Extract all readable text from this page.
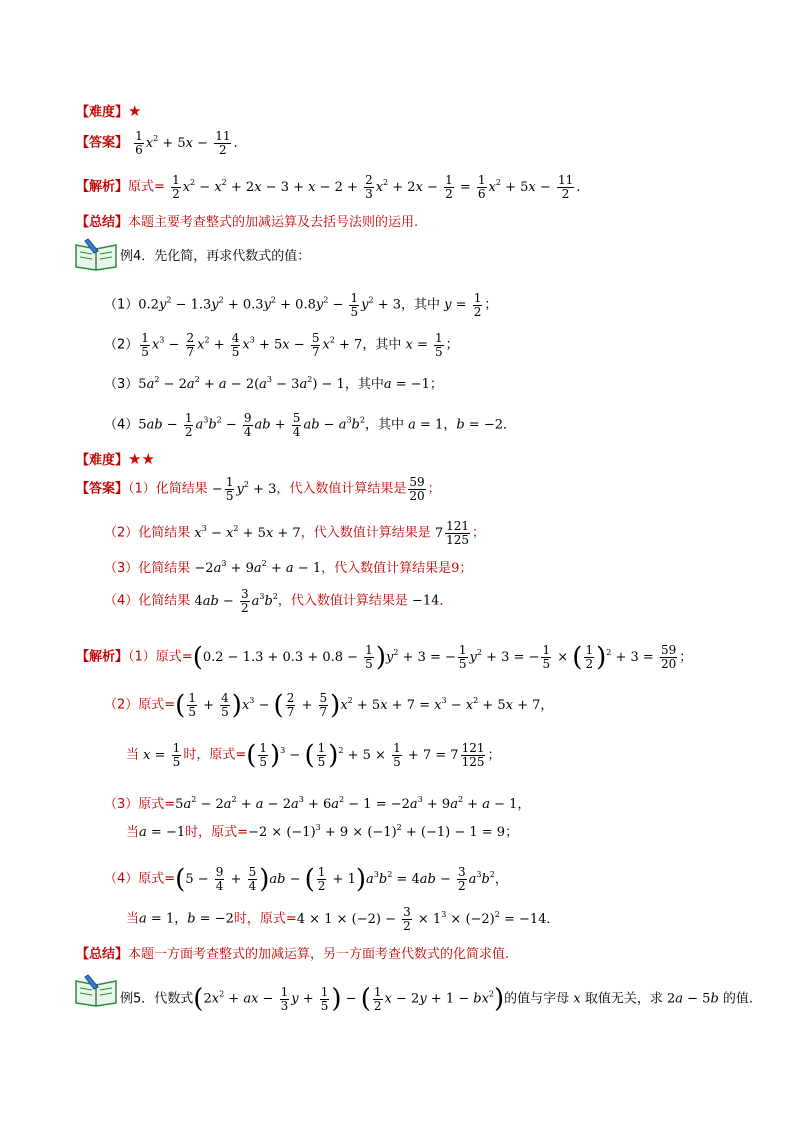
【难度】★
【答案】 $\frac{1}{6} x^2 + 5x - \frac{11}{2}$ .
【解析】原式= $\frac{1}{2} x^2 - x^2 + 2x - 3 + x - 2 + \frac{2}{3} x^2 + 2x - \frac{1}{2} = \frac{1}{6} x^2 + 5x - \frac{11}{2}$ .
【总结】本题主要考查整式的加减运算及去括号法则的运用.
例4．先化简，再求代数式的值：
$(1)0.2y^2 - 1.3y^2 + 0.3y^2 + 0.8y^2 - \frac{1}{5} y^2 + 3$，其中 $y = \frac{1}{2}$ ；
$(2) \frac{1}{5} x^3 - \frac{2}{7} x^2 + \frac{4}{5} x^3 + 5x - \frac{5}{7} x^2 + 7$，其中 $x = \frac{1}{5}$ ；
$(3)5a^2 - 2a^2 + a - 2(a^3 - 3a^2) - 1$，其中a = −1；
$(4)5ab - \frac{1}{2} a^3b^2 - \frac{9}{4}$ ab + $\frac{5}{4}$ ab − $a^3b^2$，其中 a = 1，b = −2．
【难度】★★
【答案】（1）化简结果 − $\frac{1}{5} y^2 + 3$，代入数值计算结果是 $\frac{59}{20}$ ；
（2）化简结果 $x^3 - x^2 + 5x + 7$，代入数值计算结果是 $7 \frac{121}{125}$ ；
（3）化简结果 $-2a^3 + 9a^2 + a - 1$，代入数值计算结果是9；
（4）化简结果 $4ab - \frac{3}{2} a^3b^2$，代入数值计算结果是 −14．
【解析】（1）原式$=(0.2 - 1.3 + 0.3 + 0.8 - \frac{1}{5} )y^2 + 3$ = − $\frac{1}{5} y^2 + 3$ = − $\frac{1}{5}$ × ( $\frac{1}{2} )^2 + 3 = \frac{59}{20}$ ；
（2）原式=( $\frac{1}{5} + \frac{4}{5} )x^3$ − ( $\frac{2}{7} + \frac{5}{7} )x^2 + 5x + 7 = x^3 - x^2 + 5x + 7$，
当 $x = \frac{1}{5}$ 时，原式=( $\frac{1}{5} )^3$ − ( $\frac{1}{5} )^2 + 5 \times \frac{1}{5} + 7 = 7 \frac{121}{125}$ ；
（3）原式$=5a^2 - 2a^2 + a - 2a^3 + 6a^2 - 1 = -2a^3 + 9a^2 + a - 1$，
当a = −1时，原式$=-2 \times (-1)^3 + 9 \times (-1)^2 + (-1) - 1 = 9$；
（4）原式$=(5 - \frac{9}{4} + \frac{5}{4} )ab$ − ( $\frac{1}{2} + 1)a^3b^2 = 4ab - \frac{3}{2} a^3b^2$，
当a = 1，b = −2时，原式$=4 \times 1 \times (-2) - \frac{3}{2} \times 1^3 \times (-2)^2 = -14$．
【总结】本题一方面考查整式的加减运算，另一方面考查代数式的化简求值.
例5．代数式($2x^2$ + ax − $\frac{1}{3}$ $y + \frac{1}{5}$ ) − ( $\frac{1}{2}$ $x - 2y + 1 - bx^2$)的值与字母 x 取值无关，求 2a − 5b 的值.
